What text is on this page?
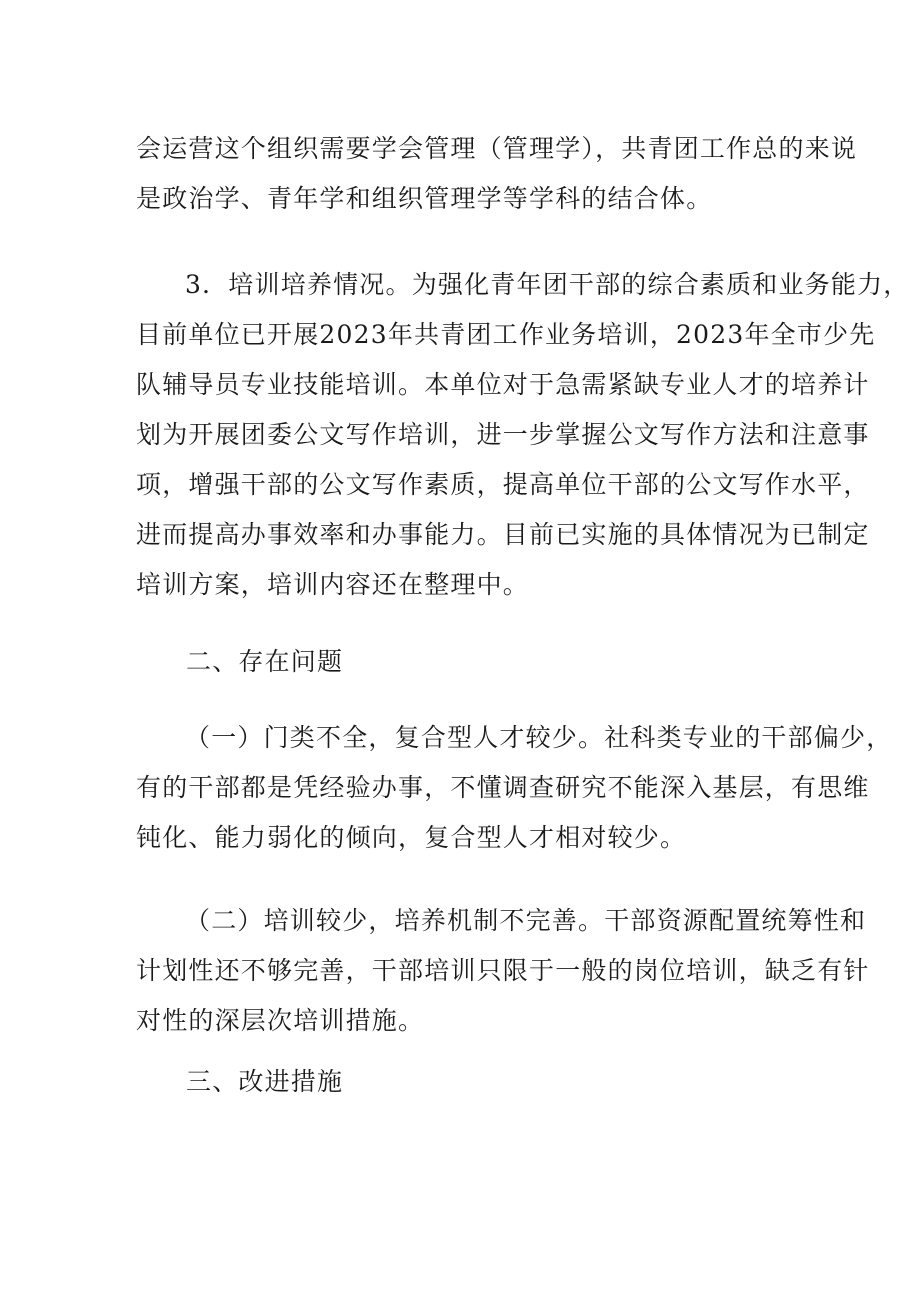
会运营这个组织需要学会管理（管理学），共青团工作总的来说
是政治学、青年学和组织管理学等学科的结合体。
3．培训培养情况。为强化青年团干部的综合素质和业务能力，
目前单位已开展2023年共青团工作业务培训，2023年全市少先
队辅导员专业技能培训。本单位对于急需紧缺专业人才的培养计
划为开展团委公文写作培训，进一步掌握公文写作方法和注意事
项，增强干部的公文写作素质，提高单位干部的公文写作水平，
进而提高办事效率和办事能力。目前已实施的具体情况为已制定
培训方案，培训内容还在整理中。
二、存在问题
（一）门类不全，复合型人才较少。社科类专业的干部偏少，
有的干部都是凭经验办事，不懂调查研究不能深入基层，有思维
钝化、能力弱化的倾向，复合型人才相对较少。
（二）培训较少，培养机制不完善。干部资源配置统筹性和
计划性还不够完善，干部培训只限于一般的岗位培训，缺乏有针
对性的深层次培训措施。
三、改进措施
